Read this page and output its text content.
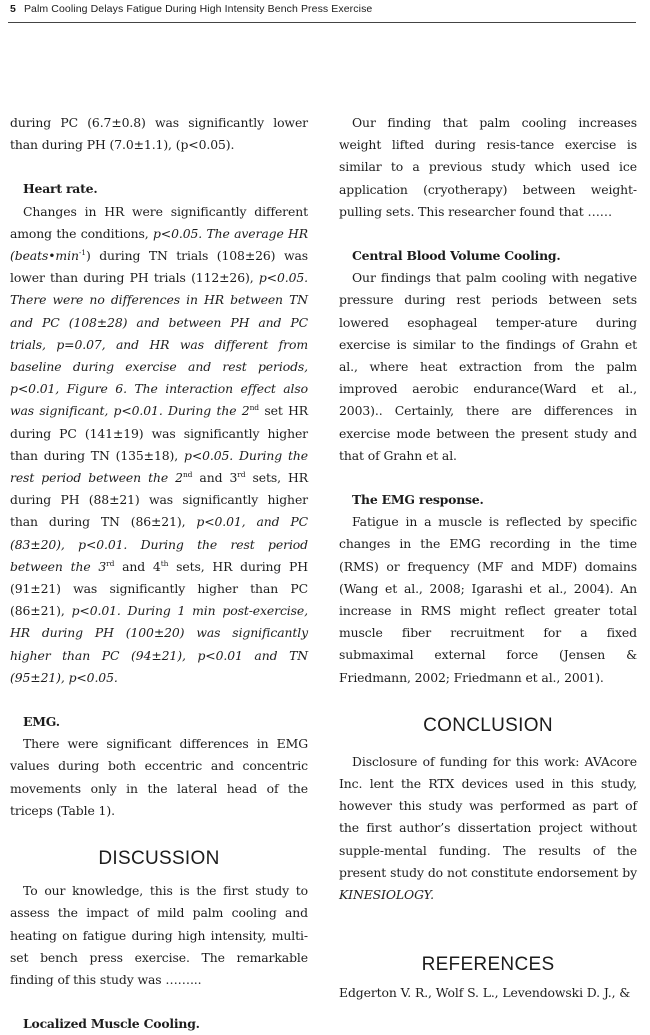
5 Palm Cooling Delays Fatigue During High Intensity Bench Press Exercise

during PC (6.7±0.8) was significantly lower than during PH (7.0±1.1), (p<0.05).

Heart rate.

Changes in HR were significantly different among the conditions, p<0.05. The average HR $(beats•\min^{-1})$ during TN trials (108±26) was lower than during PH trials (112±26), p<0.05. There were no differences in HR between TN and PC (108±28) and between PH and PC trials, p=0.07, and HR was different from baseline during exercise and rest periods, p<0.01, Figure 6. The interaction effect also was significant, p<0.01. During the 2nd set HR during PC (141±19) was significantly higher than during TN (135±18), p<0.05. During the rest period between the 2nd and 3rd sets, HR during PH (88±21) was significantly higher than during TN (86±21), p<0.01, and PC (83±20), p<0.01. During the rest period between the 3rd and 4th sets, HR during PH (91±21) was significantly higher than PC (86±21), p<0.01. During 1 min post-exercise, HR during PH (100±20) was significantly higher than PC (94±21), p<0.01 and TN (95±21), p<0.05.

EMG.

There were significant differences in EMG values during both eccentric and concentric movements only in the lateral head of the triceps (Table 1).

DISCUSSION

To our knowledge, this is the first study to assess the impact of mild palm cooling and heating on fatigue during high intensity, multi-set bench press exercise. The remarkable finding of this study was ……...

Localized Muscle Cooling.

Our finding that palm cooling increases weight lifted during resis-tance exercise is similar to a previous study which used ice application (cryotherapy) between weight-pulling sets. This researcher found that ……

Central Blood Volume Cooling.

Our findings that palm cooling with negative pressure during rest periods between sets lowered esophageal temper-ature during exercise is similar to the findings of Grahn et al., where heat extraction from the palm improved aerobic endurance(Ward et al., 2003).. Certainly, there are differences in exercise mode between the present study and that of Grahn et al.

The EMG response.

Fatigue in a muscle is reflected by specific changes in the EMG recording in the time (RMS) or frequency (MF and MDF) domains (Wang et al., 2008; Igarashi et al., 2004). An increase in RMS might reflect greater total muscle fiber recruitment for a fixed submaximal external force (Jensen & Friedmann, 2002; Friedmann et al., 2001).

CONCLUSION

Disclosure of funding for this work: AVAcore Inc. lent the RTX devices used in this study, however this study was performed as part of the first author’s dissertation project without supple-mental funding. The results of the present study do not constitute endorsement by KINESIOLOGY.

REFERENCES

Edgerton V. R., Wolf S. L., Levendowski D. J., &
